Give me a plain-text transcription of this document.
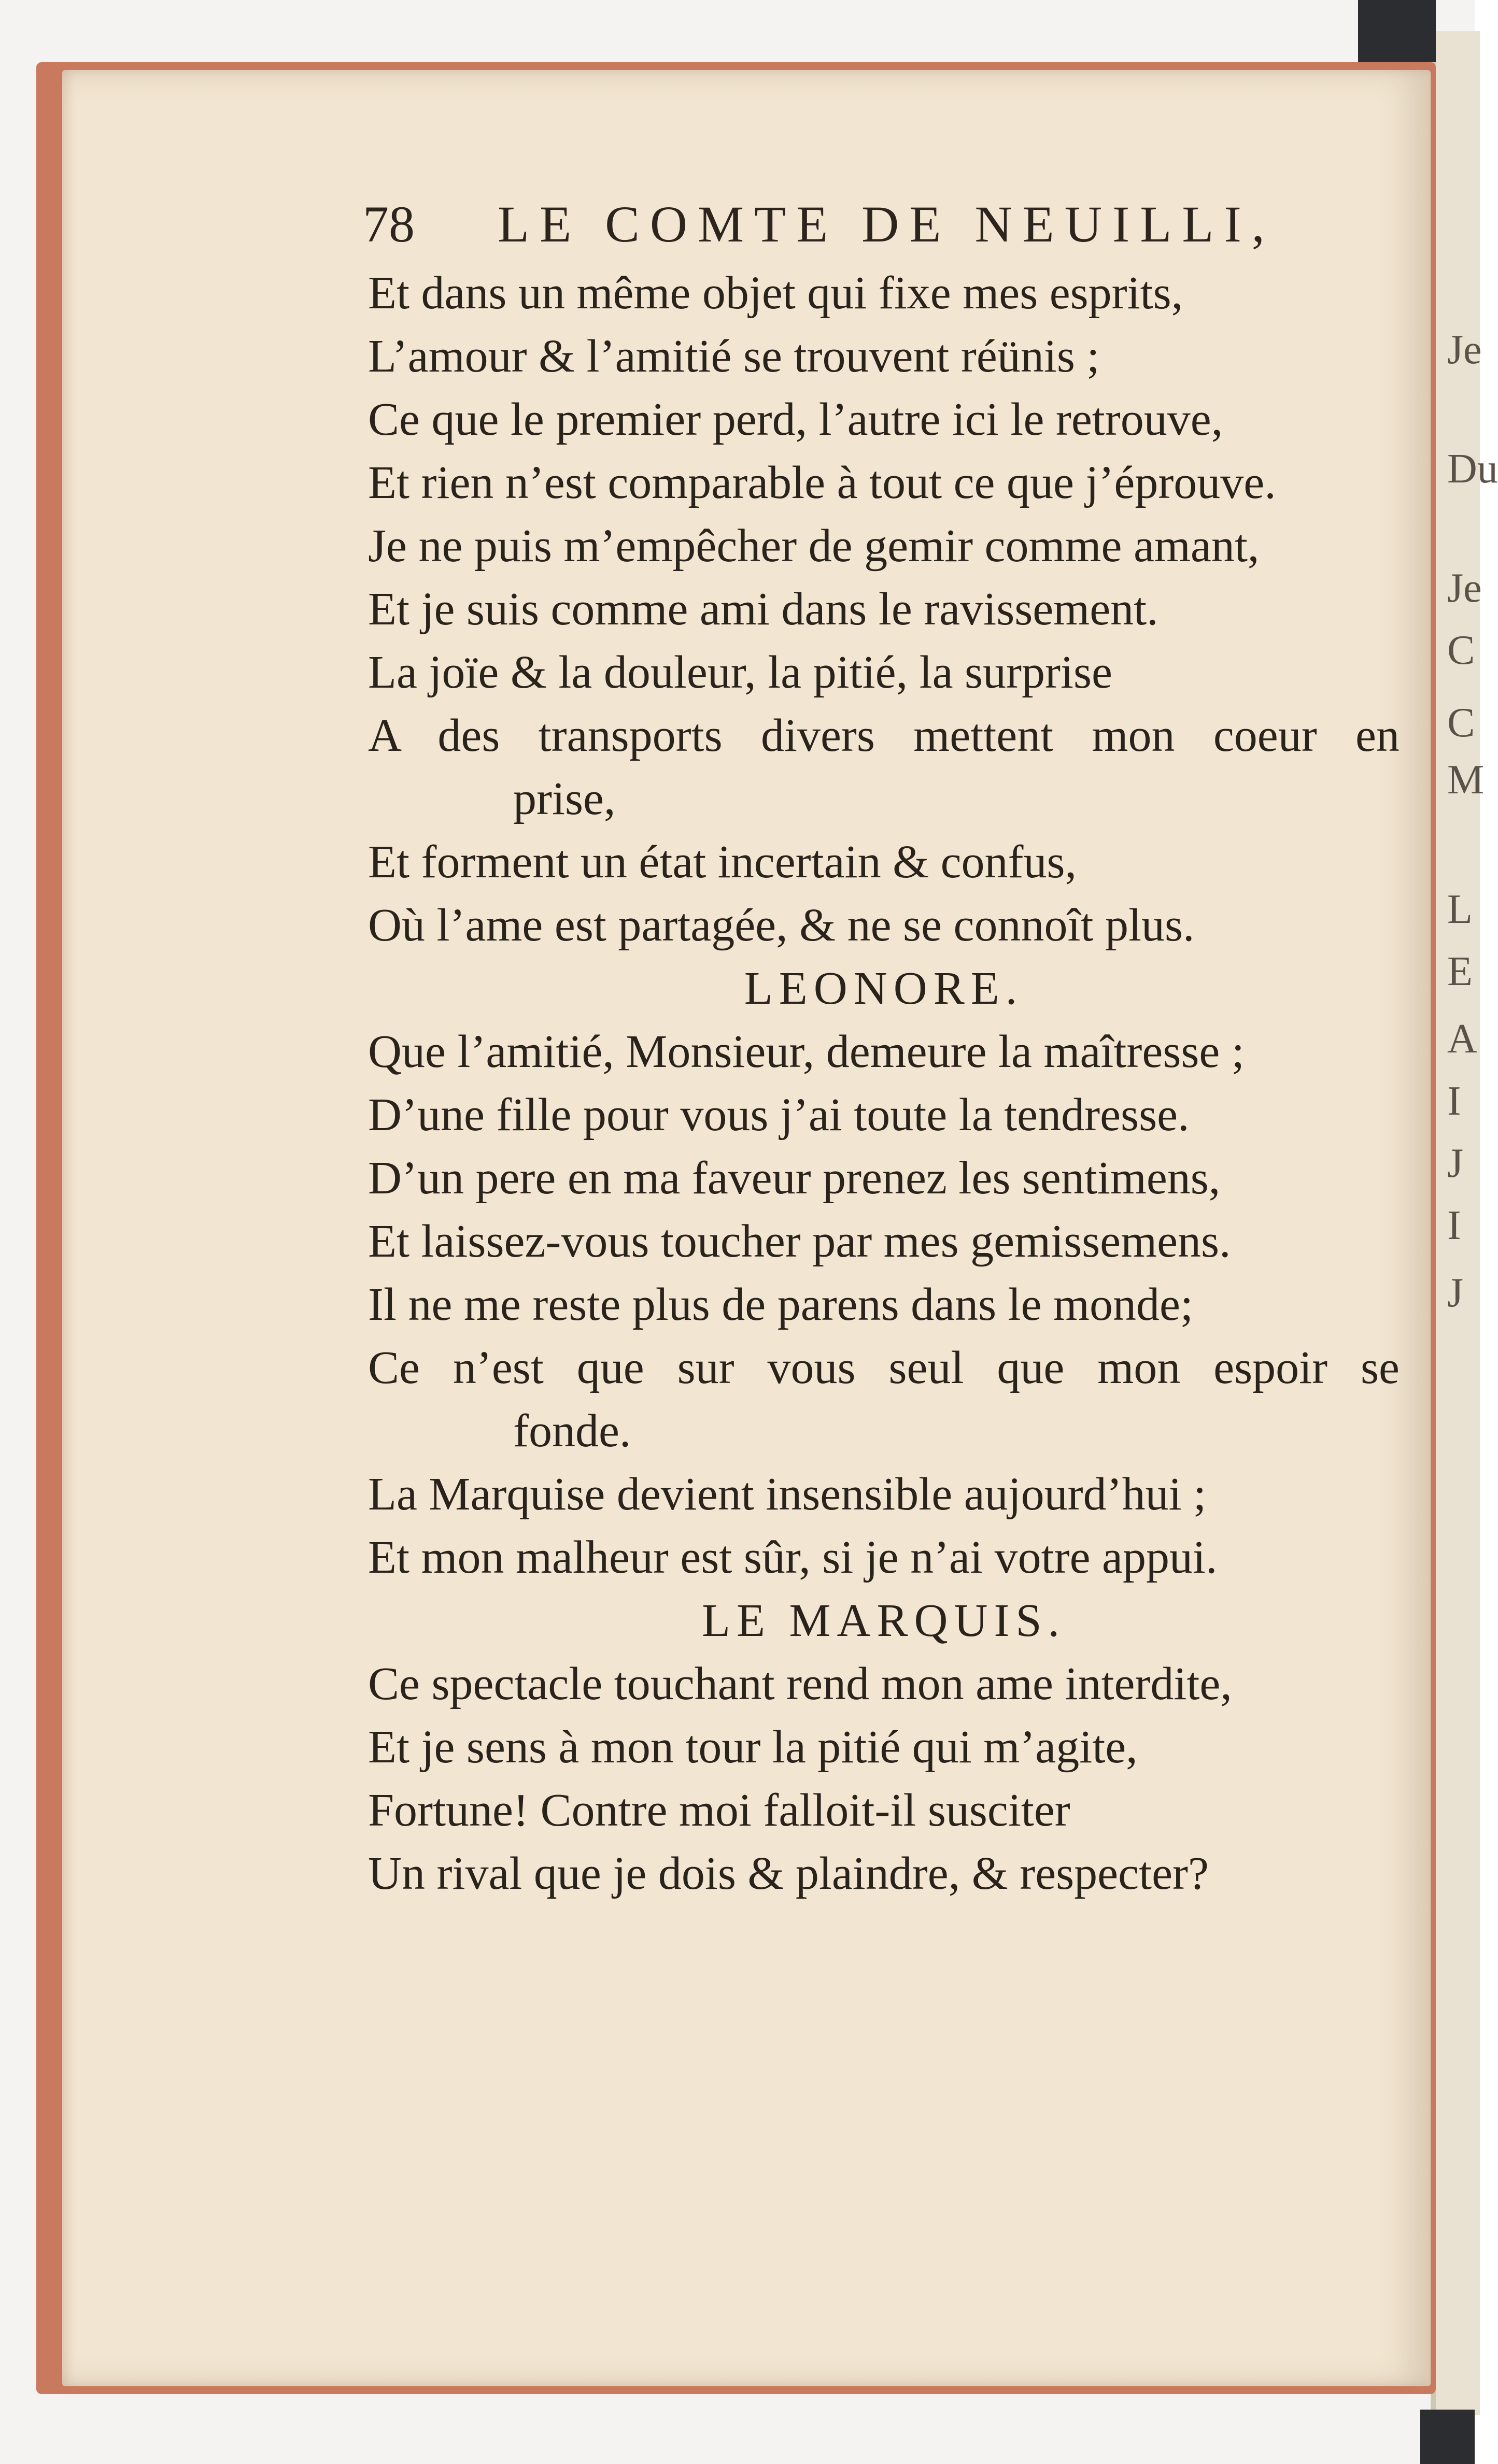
Je
Du
Je
C
C
M
L
E
A
I
J
I
J
78 LE COMTE DE NEUILLI,
Et dans un même objet qui fixe mes esprits,
L’amour & l’amitié se trouvent réünis ;
Ce que le premier perd, l’autre ici le retrouve,
Et rien n’est comparable à tout ce que j’éprouve.
Je ne puis m’empêcher de gemir comme amant,
Et je suis comme ami dans le ravissement.
La joïe & la douleur, la pitié, la surprise
A des transports divers mettent mon coeur en
prise,
Et forment un état incertain & confus,
Où l’ame est partagée, & ne se connoît plus.
LEONORE.
Que l’amitié, Monsieur, demeure la maîtresse ;
D’une fille pour vous j’ai toute la tendresse.
D’un pere en ma faveur prenez les sentimens,
Et laissez-vous toucher par mes gemissemens.
Il ne me reste plus de parens dans le monde;
Ce n’est que sur vous seul que mon espoir se
fonde.
La Marquise devient insensible aujourd’hui ;
Et mon malheur est sûr, si je n’ai votre appui.
LE MARQUIS.
Ce spectacle touchant rend mon ame interdite,
Et je sens à mon tour la pitié qui m’agite,
Fortune! Contre moi falloit-il susciter
Un rival que je dois & plaindre, & respecter?
